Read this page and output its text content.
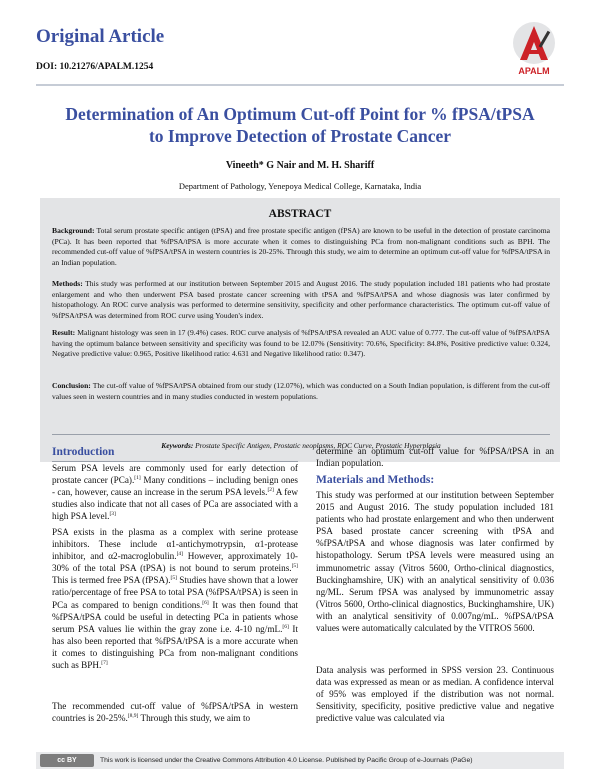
Original Article
DOI: 10.21276/APALM.1254	APALM
Determination of An Optimum Cut-off Point for % fPSA/tPSA
to Improve Detection of Prostate Cancer
Vineeth* G Nair and M. H. Shariff
Department of Pathology, Yenepoya Medical College, Karnataka, India
ABSTRACT
Background: Total serum prostate specific antigen (tPSA) and free prostate specific antigen (fPSA) are known to be useful in the detection of prostate carcinoma (PCa). It has been reported that %fPSA/tPSA is more accurate when it comes to distinguishing PCa from non-malignant conditions such as BPH. The recommended cut-off value of %fPSA/tPSA in western countries is 20-25%. Through this study, we aim to determine an optimum cut-off value for %fPSA/tPSA in an Indian population.
Methods: This study was performed at our institution between September 2015 and August 2016. The study population included 181 patients who had prostate enlargement and who then underwent PSA based prostate cancer screening with tPSA and %fPSA/tPSA and whose diagnosis was later confirmed by histopathology. An ROC curve analysis was performed to determine sensitivity, specificity and other performance characteristics. The optimum cut-off value of %fPSA/tPSA was determined from ROC curve using Youden's index.
Result: Malignant histology was seen in 17 (9.4%) cases. ROC curve analysis of %fPSA/tPSA revealed an AUC value of 0.777. The cut-off value of %fPSA/tPSA having the optimum balance between sensitivity and specificity was found to be 12.07% (Sensitivity: 70.6%, Specificity: 84.8%, Positive predictive value: 0.324, Negative predictive value: 0.965, Positive likelihood ratio: 4.631 and Negative likelihood ratio: 0.347).
Conclusion: The cut-off value of %fPSA/tPSA obtained from our study (12.07%), which was conducted on a South Indian population, is different from the cut-off values seen in western countries and in many studies conducted in western populations.
Keywords: Prostate Specific Antigen, Prostatic neoplasms, ROC Curve, Prostatic Hyperplasia
Introduction
Serum PSA levels are commonly used for early detection of prostate cancer (PCa).[1] Many conditions – including benign ones - can, however, cause an increase in the serum PSA levels.[2] A few studies also indicate that not all cases of PCa are associated with a high PSA level.[3]
PSA exists in the plasma as a complex with serine protease inhibitors. These include α1-antichymotrypsin, α1-protease inhibitor, and α2-macroglobulin.[4] However, approximately 10-30% of the total PSA (tPSA) is not bound to serum proteins.[5] This is termed free PSA (fPSA).[5] Studies have shown that a lower ratio/percentage of free PSA to total PSA (%fPSA/tPSA) is seen in PCa as compared to benign conditions.[6] It was then found that %fPSA/tPSA could be useful in detecting PCa in patients whose serum PSA values lie within the gray zone i.e. 4-10 ng/mL.[6] It has also been reported that %fPSA/tPSA is a more accurate when it comes to distinguishing PCa from non-malignant conditions such as BPH.[7]
The recommended cut-off value of %fPSA/tPSA in western countries is 20-25%.[8,9] Through this study, we aim to
determine an optimum cut-off value for %fPSA/tPSA in an Indian population.
Materials and Methods:
This study was performed at our institution between September 2015 and August 2016. The study population included 181 patients who had prostate enlargement and who then underwent PSA based prostate cancer screening with tPSA and %fPSA/tPSA and whose diagnosis was later confirmed by histopathology. Serum tPSA levels were measured using an immunometric assay (Vitros 5600, Ortho-clinical diagnostics, Buckinghamshire, UK) with an analytical sensitivity of 0.036 ng/ML. Serum fPSA was analysed by immunometric assay (Vitros 5600, Ortho-clinical diagnostics, Buckinghamshire, UK) with an analytical sensitivity of 0.007ng/mL. %fPSA/tPSA values were automatically calculated by the VITROS 5600.
Data analysis was performed in SPSS version 23. Continuous data was expressed as mean or as median. A confidence interval of 95% was employed if the distribution was not normal. Sensitivity, specificity, positive predictive value and negative predictive value was calculated via
cc BY	This work is licensed under the Creative Commons Attribution 4.0 License. Published by Pacific Group of e-Journals (PaGe)
